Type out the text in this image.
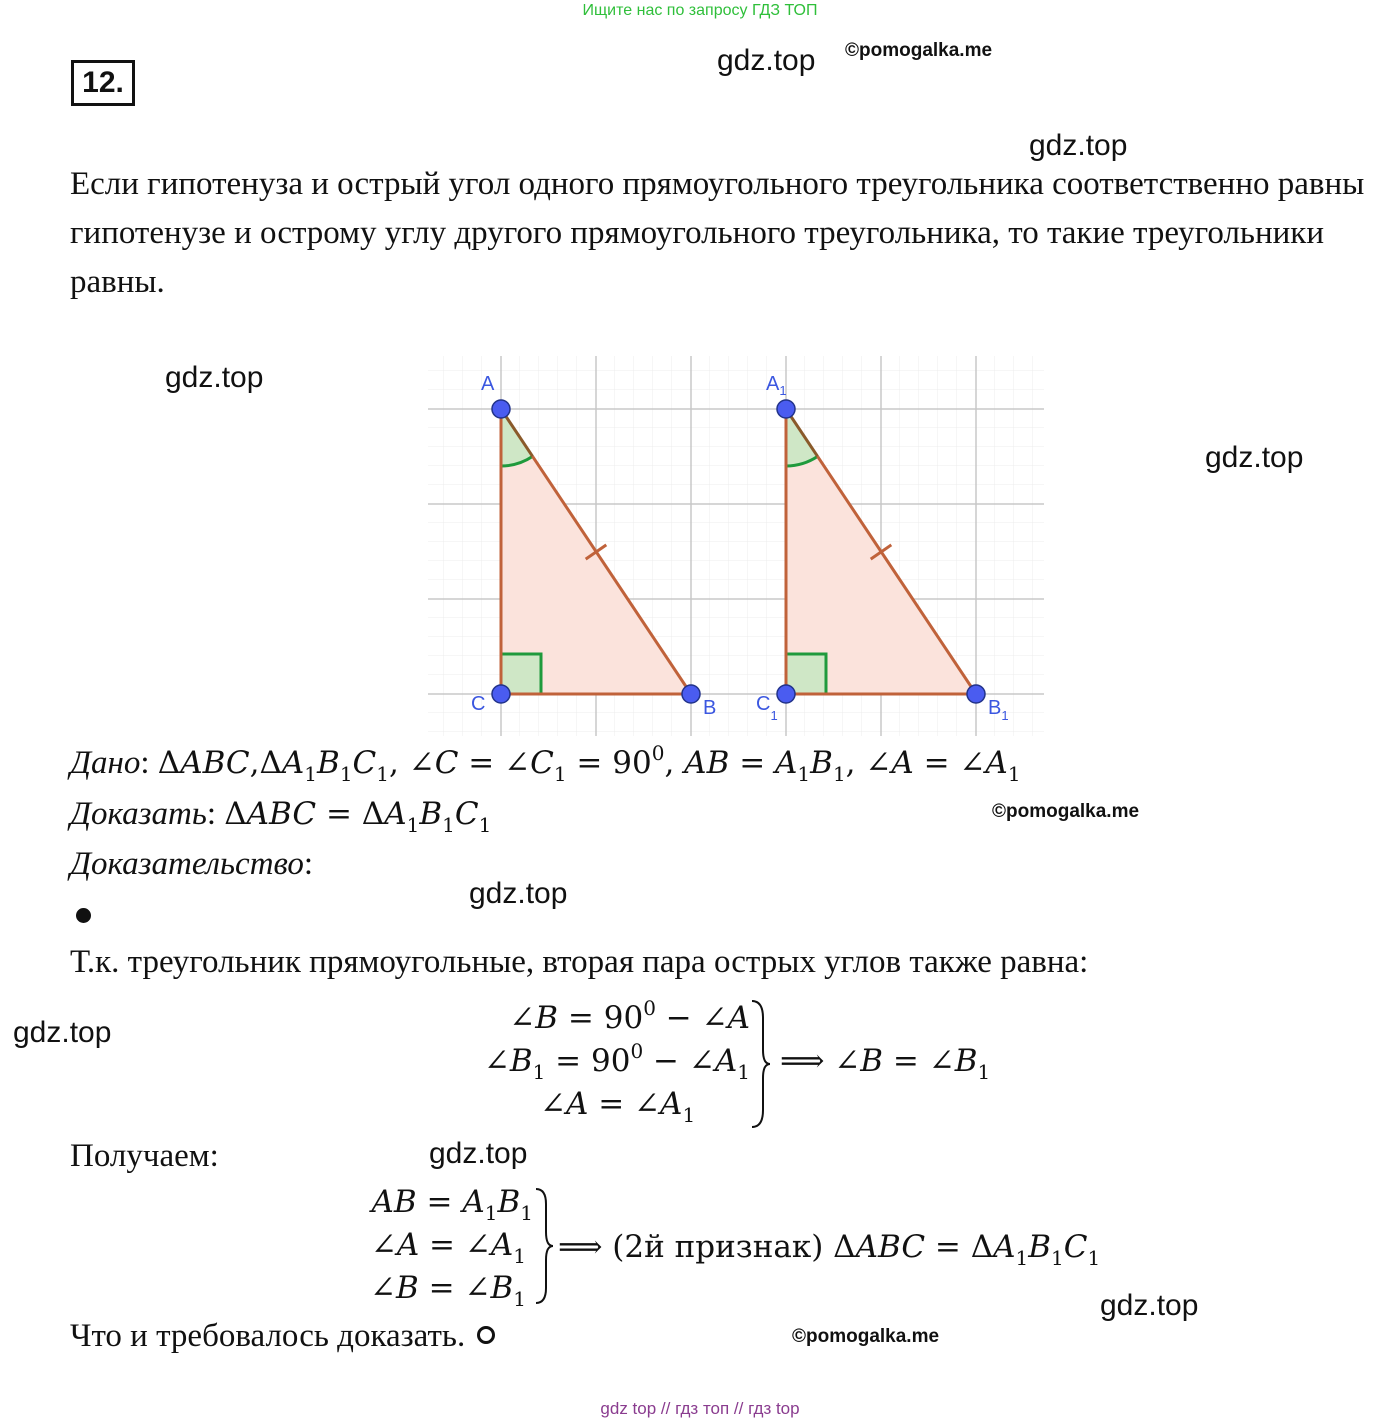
Ищите нас по запросу ГДЗ ТОП
gdz.top ©pomogalka.me
gdz.top
gdz.top
gdz.top
gdz.top
gdz.top
gdz.top
gdz.top
©pomogalka.me
©pomogalka.me
12.
Если гипотенуза и острый угол одного прямоугольного треугольника соответственно равны гипотенузе и острому углу другого прямоугольного треугольника, то такие треугольники равны.
A
C	B
$A_1$
$C_1$	$B_1$
Дано: $\Delta ABC,\Delta A_1B_1C_1$, ∠C = $\angle C_1 = 90^0$, AB = $A_1B_1$, ∠A = $\angle A_1$
Доказать: $\Delta ABC = \Delta A_1B_1C_1$
Доказательство:
Т.к. треугольник прямоугольные, вторая пара острых углов также равна:
∠B = $90^0$ − ∠A
$\angle B_1 = 90^0$ − $\angle A_1$
∠A = $\angle A_1$
⟹ ∠B = $\angle B_1$
Получаем:
AB = $A_1B_1$
∠A = $\angle A_1$
∠B = $\angle B_1$
⟹ (2й признак) $\Delta ABC = \Delta A_1B_1C_1$
Что и требовалось доказать.
gdz top // гдз топ // гдз top
